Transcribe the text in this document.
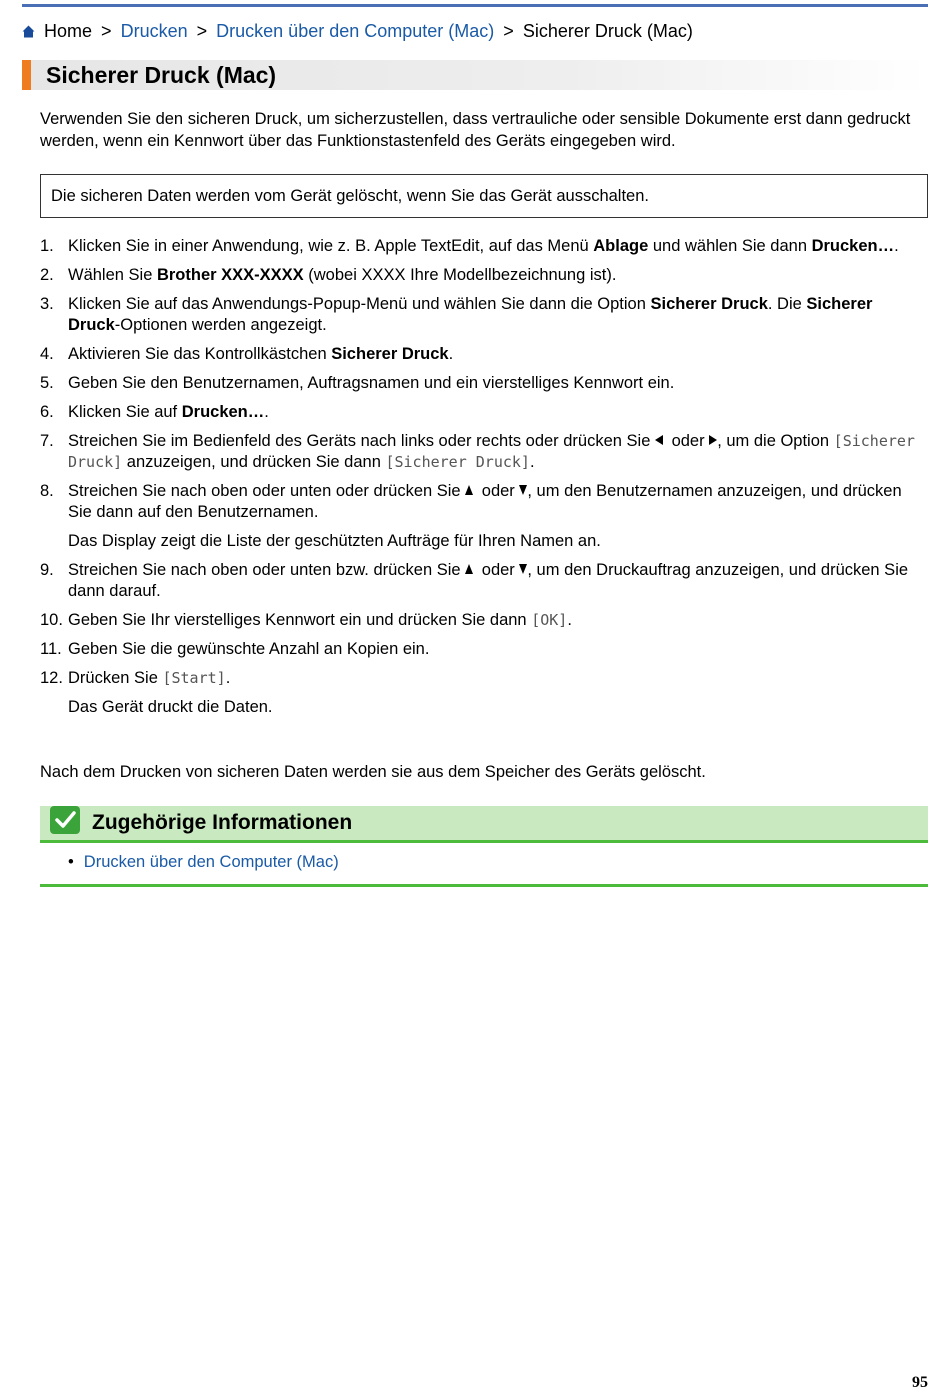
Home > Drucken > Drucken über den Computer (Mac) > Sicherer Druck (Mac)
Sicherer Druck (Mac)

Verwenden Sie den sicheren Druck, um sicherzustellen, dass vertrauliche oder sensible Dokumente erst dann gedruckt werden, wenn ein Kennwort über das Funktionstastenfeld des Geräts eingegeben wird.

Die sicheren Daten werden vom Gerät gelöscht, wenn Sie das Gerät ausschalten.
1. Klicken Sie in einer Anwendung, wie z. B. Apple TextEdit, auf das Menü Ablage und wählen Sie dann Drucken….
2. Wählen Sie Brother XXX-XXXX (wobei XXXX Ihre Modellbezeichnung ist).
3. Klicken Sie auf das Anwendungs-Popup-Menü und wählen Sie dann die Option Sicherer Druck. Die Sicherer Druck-Optionen werden angezeigt.
4. Aktivieren Sie das Kontrollkästchen Sicherer Druck.
5. Geben Sie den Benutzernamen, Auftragsnamen und ein vierstelliges Kennwort ein.
6. Klicken Sie auf Drucken….
7. Streichen Sie im Bedienfeld des Geräts nach links oder rechts oder drücken Sie  oder , um die Option [Sicherer Druck] anzuzeigen, und drücken Sie dann [Sicherer Druck].
8. Streichen Sie nach oben oder unten oder drücken Sie  oder , um den Benutzernamen anzuzeigen, und drücken Sie dann auf den Benutzernamen.
Das Display zeigt die Liste der geschützten Aufträge für Ihren Namen an.
9. Streichen Sie nach oben oder unten bzw. drücken Sie  oder , um den Druckauftrag anzuzeigen, und drücken Sie dann darauf.
10. Geben Sie Ihr vierstelliges Kennwort ein und drücken Sie dann [OK].
11. Geben Sie die gewünschte Anzahl an Kopien ein.
12. Drücken Sie [Start].
Das Gerät druckt die Daten.
Nach dem Drucken von sicheren Daten werden sie aus dem Speicher des Geräts gelöscht.
Zugehörige Informationen
• Drucken über den Computer (Mac)
95
